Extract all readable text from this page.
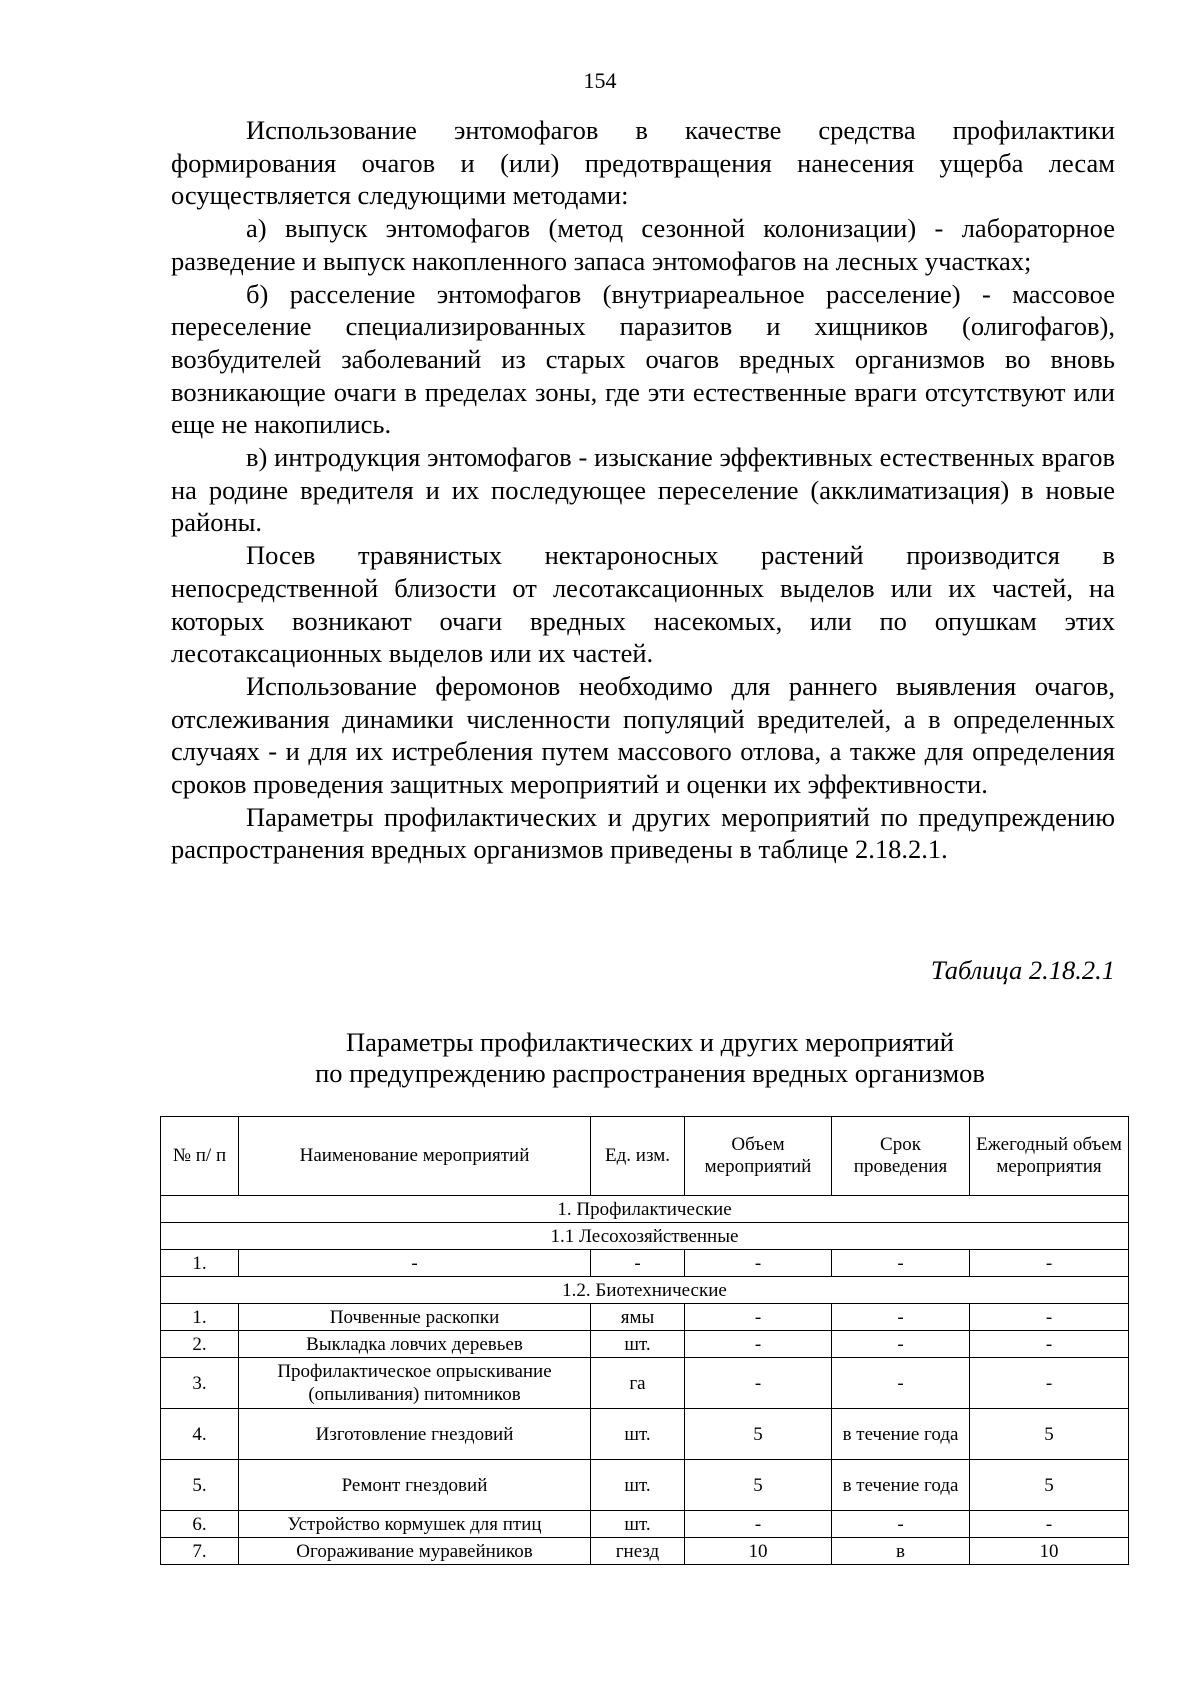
154

Использование энтомофагов в качестве средства профилактики формирования очагов и (или) предотвращения нанесения ущерба лесам осуществляется следующими методами:

а) выпуск энтомофагов (метод сезонной колонизации) - лабораторное разведение и выпуск накопленного запаса энтомофагов на лесных участках;

б) расселение энтомофагов (внутриареальное расселение) - массовое переселение специализированных паразитов и хищников (олигофагов), возбудителей заболеваний из старых очагов вредных организмов во вновь возникающие очаги в пределах зоны, где эти естественные враги отсутствуют или еще не накопились.

в) интродукция энтомофагов - изыскание эффективных естественных врагов на родине вредителя и их последующее переселение (акклиматизация) в новые районы.

Посев травянистых нектароносных растений производится в непосредственной близости от лесотаксационных выделов или их частей, на которых возникают очаги вредных насекомых, или по опушкам этих лесотаксационных выделов или их частей.

Использование феромонов необходимо для раннего выявления очагов, отслеживания динамики численности популяций вредителей, а в определенных случаях - и для их истребления путем массового отлова, а также для определения сроков проведения защитных мероприятий и оценки их эффективности.

Параметры профилактических и других мероприятий по предупреждению распространения вредных организмов приведены в таблице 2.18.2.1.

Таблица 2.18.2.1
Параметры профилактических и других мероприятий
по предупреждению распространения вредных организмов
№ п/ п	Наименование мероприятий	Ед. изм.	Объем мероприятий	Срок проведения	Ежегодный объем мероприятия
1. Профилактические					
1.1 Лесохозяйственные					
1.	-	-	-	-	-
1.2. Биотехнические					
1.	Почвенные раскопки	ямы	-	-	-
2.	Выкладка ловчих деревьев	шт.	-	-	-
3.	Профилактическое опрыскивание (опыливания) питомников	га	-	-	-
4.	Изготовление гнездовий	шт.	5	в течение года	5
5.	Ремонт гнездовий	шт.	5	в течение года	5
6.	Устройство кормушек для птиц	шт.	-	-	-
7.	Огораживание муравейников	гнезд	10	в	10
